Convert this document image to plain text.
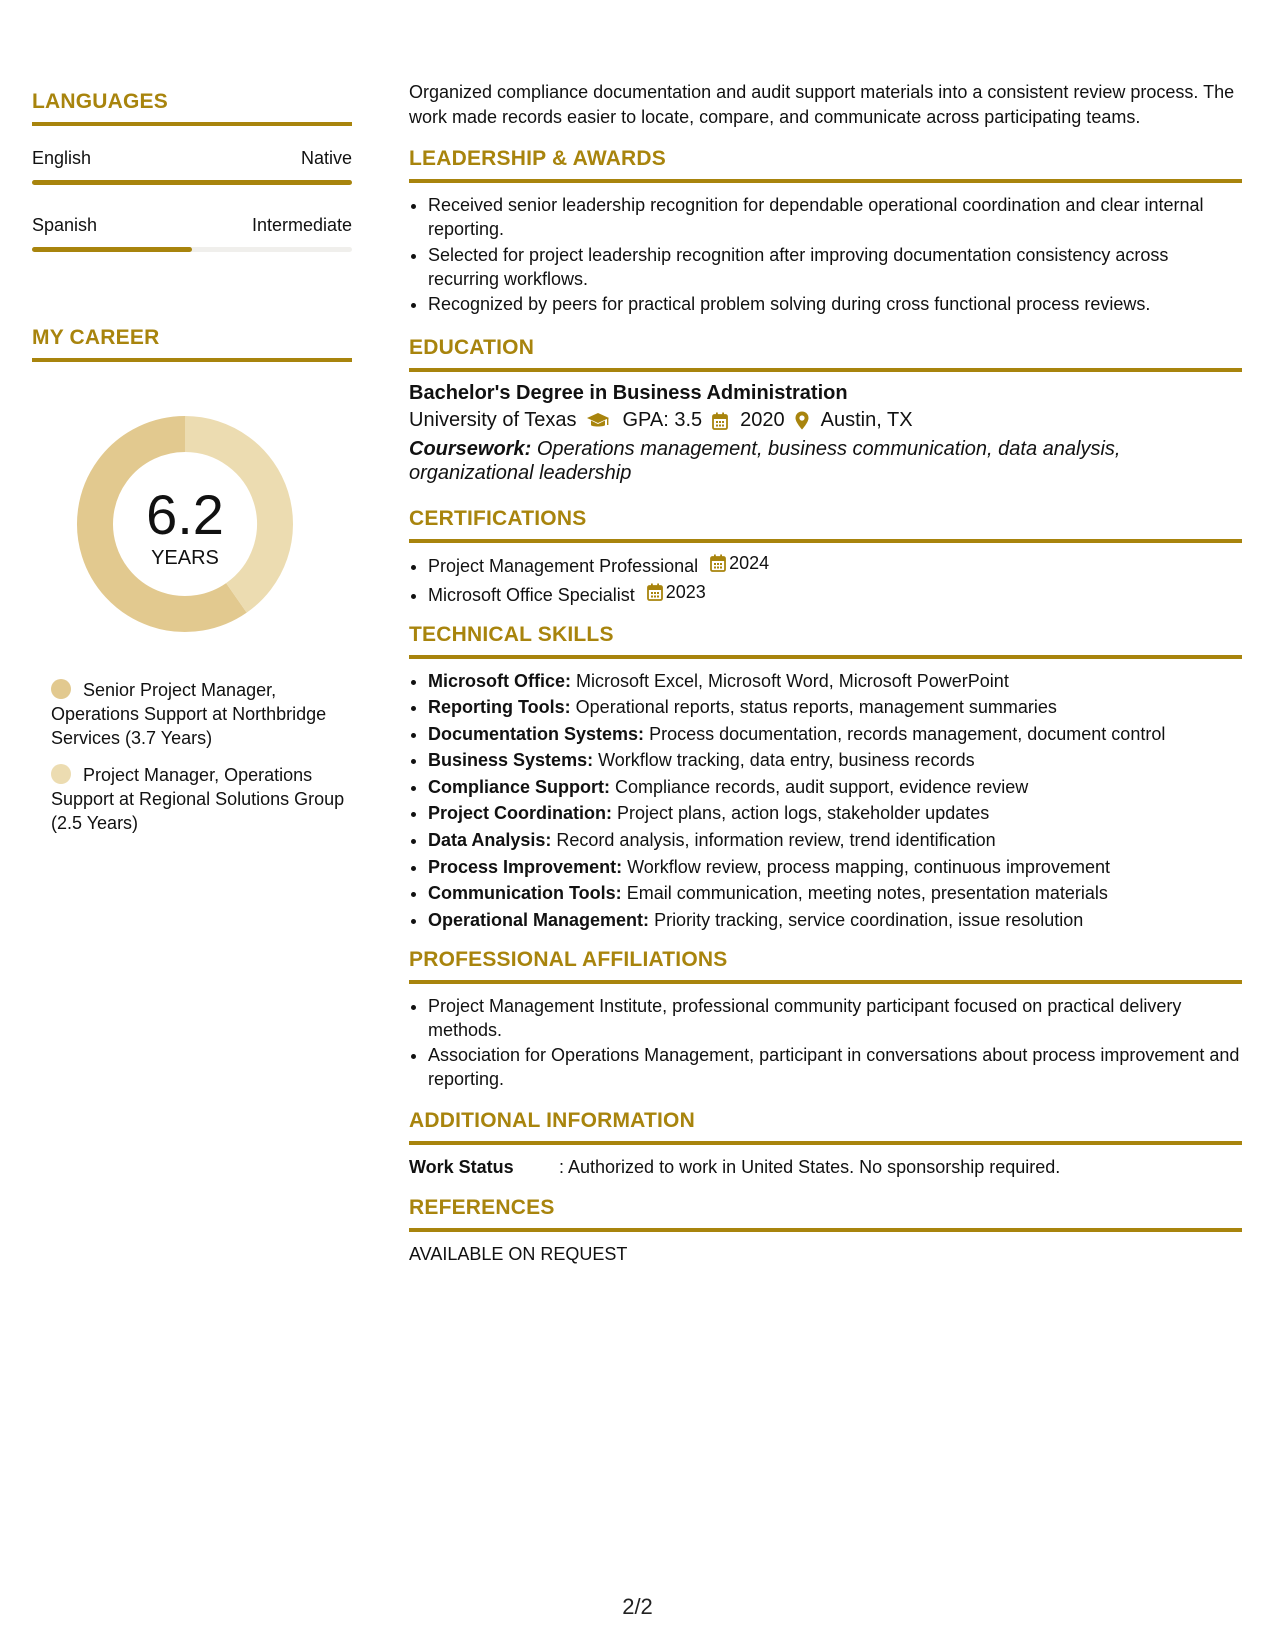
LANGUAGES
English	Native
Spanish	Intermediate
MY CAREER
6.2
YEARS
Senior Project Manager, Operations Support at Northbridge Services (3.7 Years)
Project Manager, Operations Support at Regional Solutions Group (2.5 Years)

Organized compliance documentation and audit support materials into a consistent review process. The work made records easier to locate, compare, and communicate across participating teams.

LEADERSHIP & AWARDS
• Received senior leadership recognition for dependable operational coordination and clear internal reporting.
• Selected for project leadership recognition after improving documentation consistency across recurring workflows.
• Recognized by peers for practical problem solving during cross functional process reviews.
EDUCATION
Bachelor's Degree in Business Administration
University of Texas GPA: 3.5 2020 Austin, TX
Coursework: Operations management, business communication, data analysis, organizational leadership
CERTIFICATIONS
• Project Management Professional 2024
• Microsoft Office Specialist 2023
TECHNICAL SKILLS
• Microsoft Office: Microsoft Excel, Microsoft Word, Microsoft PowerPoint
• Reporting Tools: Operational reports, status reports, management summaries
• Documentation Systems: Process documentation, records management, document control
• Business Systems: Workflow tracking, data entry, business records
• Compliance Support: Compliance records, audit support, evidence review
• Project Coordination: Project plans, action logs, stakeholder updates
• Data Analysis: Record analysis, information review, trend identification
• Process Improvement: Workflow review, process mapping, continuous improvement
• Communication Tools: Email communication, meeting notes, presentation materials
• Operational Management: Priority tracking, service coordination, issue resolution
PROFESSIONAL AFFILIATIONS
• Project Management Institute, professional community participant focused on practical delivery methods.
• Association for Operations Management, participant in conversations about process improvement and reporting.
ADDITIONAL INFORMATION
Work Status	: Authorized to work in United States. No sponsorship required.
REFERENCES
AVAILABLE ON REQUEST
2/2
